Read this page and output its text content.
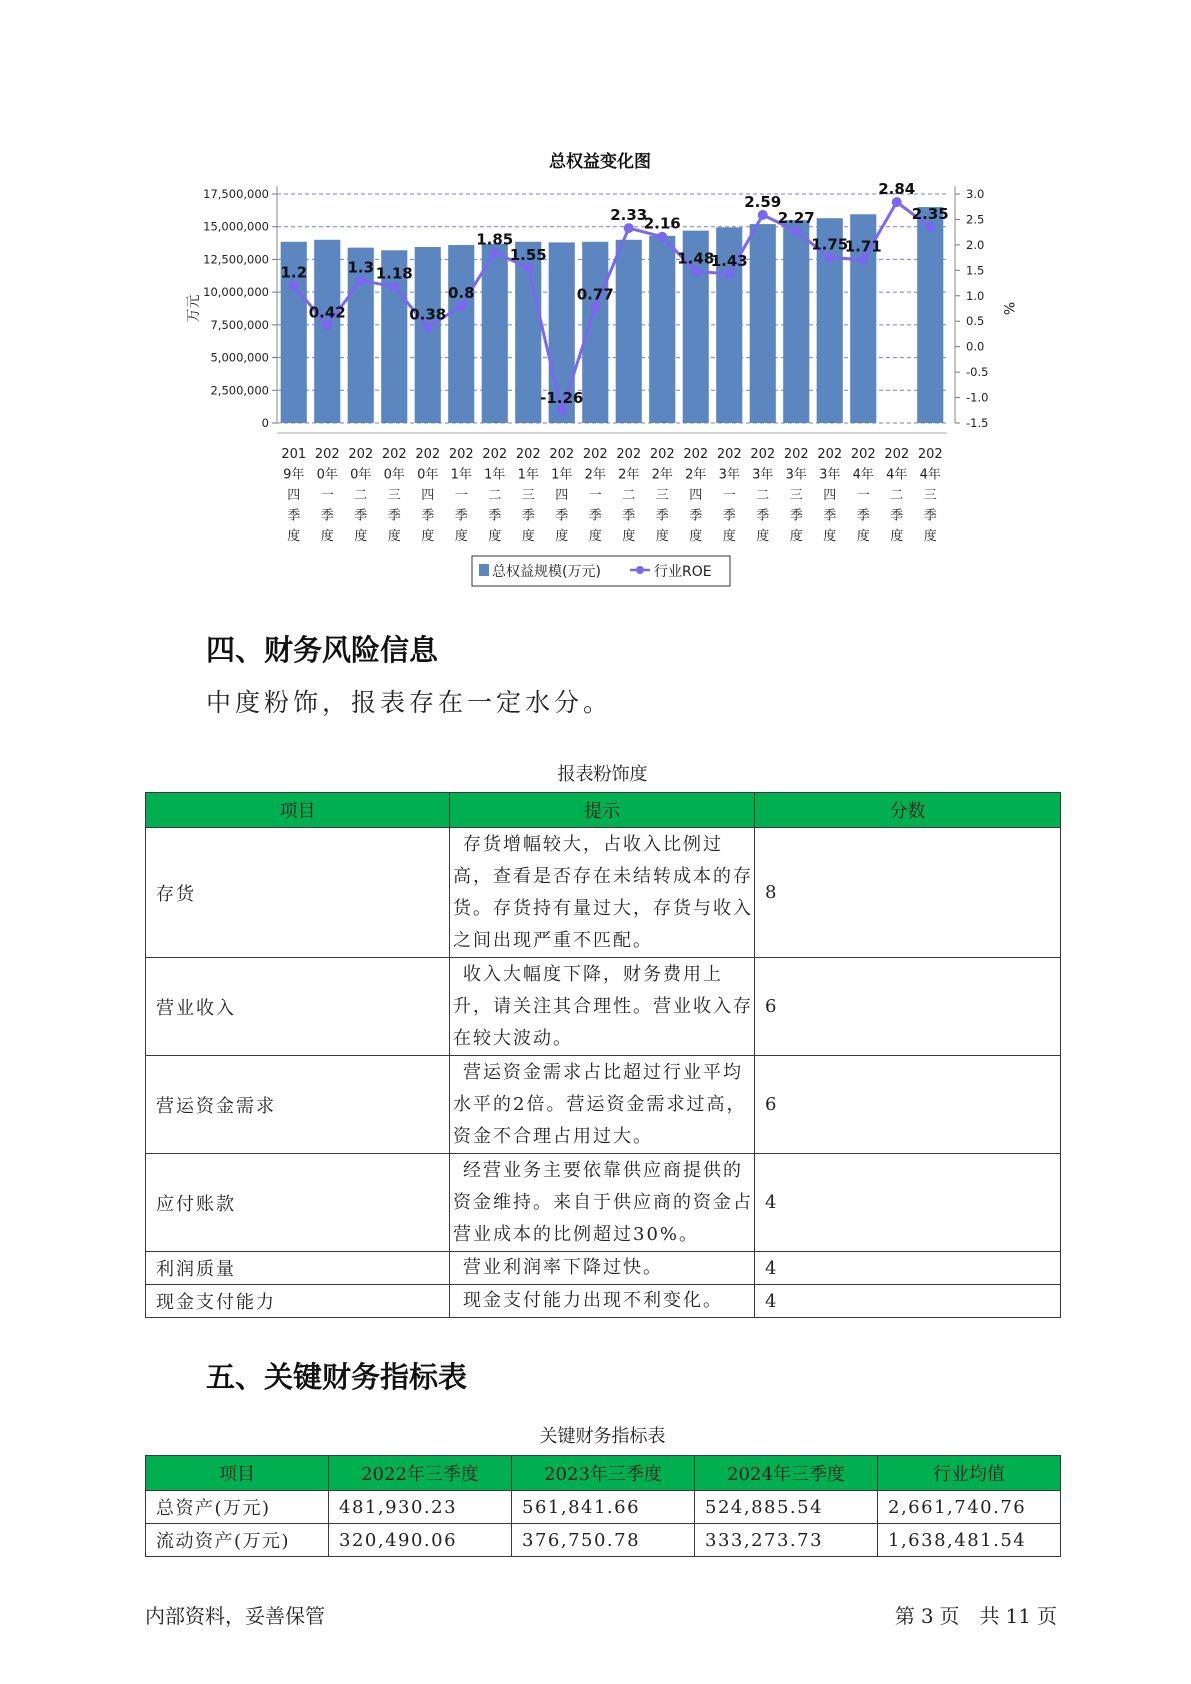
总权益变化图
0
2,500,000
5,000,000
7,500,000
10,000,000
12,500,000
15,000,000
17,500,000
-1.5
-1.0
-0.5
0.0
0.5
1.0
1.5
2.0
2.5
3.0
万元	%
1.2
0.42
1.3 1.18
0.38
0.8
1.85
1.55
-1.26
0.77
2.33
2.16
1.48
1.43
2.59
2.27
1.75
1.71
2.84
2.35
201
9年
四
季
度
202
0年
一
季
度
202
0年
二
季
度
202
0年
三
季
度
202
0年
四
季
度
202
1年
一
季
度
202
1年
二
季
度
202
1年
三
季
度
202
1年
四
季
度
202
2年
一
季
度
202
2年
二
季
度
202
2年
三
季
度
202
2年
四
季
度
202
3年
一
季
度
202
3年
二
季
度
202
3年
三
季
度
202
3年
四
季
度
202
4年
一
季
度
202
4年
二
季
度
202
4年
三
季
度
总权益规模(万元)	行业ROE
四、财务风险信息

中度粉饰，报表存在一定水分。

报表粉饰度
项目	提示	分数
存货	存货增幅较大，占收入比例过高，查看是否存在未结转成本的存货。存货持有量过大，存货与收入之间出现严重不匹配。	8
营业收入	收入大幅度下降，财务费用上升，请关注其合理性。营业收入存在较大波动。	6
营运资金需求	营运资金需求占比超过行业平均水平的2倍。营运资金需求过高，资金不合理占用过大。	6
应付账款	经营业务主要依靠供应商提供的资金维持。来自于供应商的资金占营业成本的比例超过30%。	4
利润质量	营业利润率下降过快。	4
现金支付能力	现金支付能力出现不利变化。	4
五、关键财务指标表
关键财务指标表
项目	2022年三季度	2023年三季度	2024年三季度	行业均值
总资产(万元)	481,930.23	561,841.66	524,885.54	2,661,740.76
流动资产(万元)	320,490.06	376,750.78	333,273.73	1,638,481.54
内部资料，妥善保管	第 3 页　共 11 页
